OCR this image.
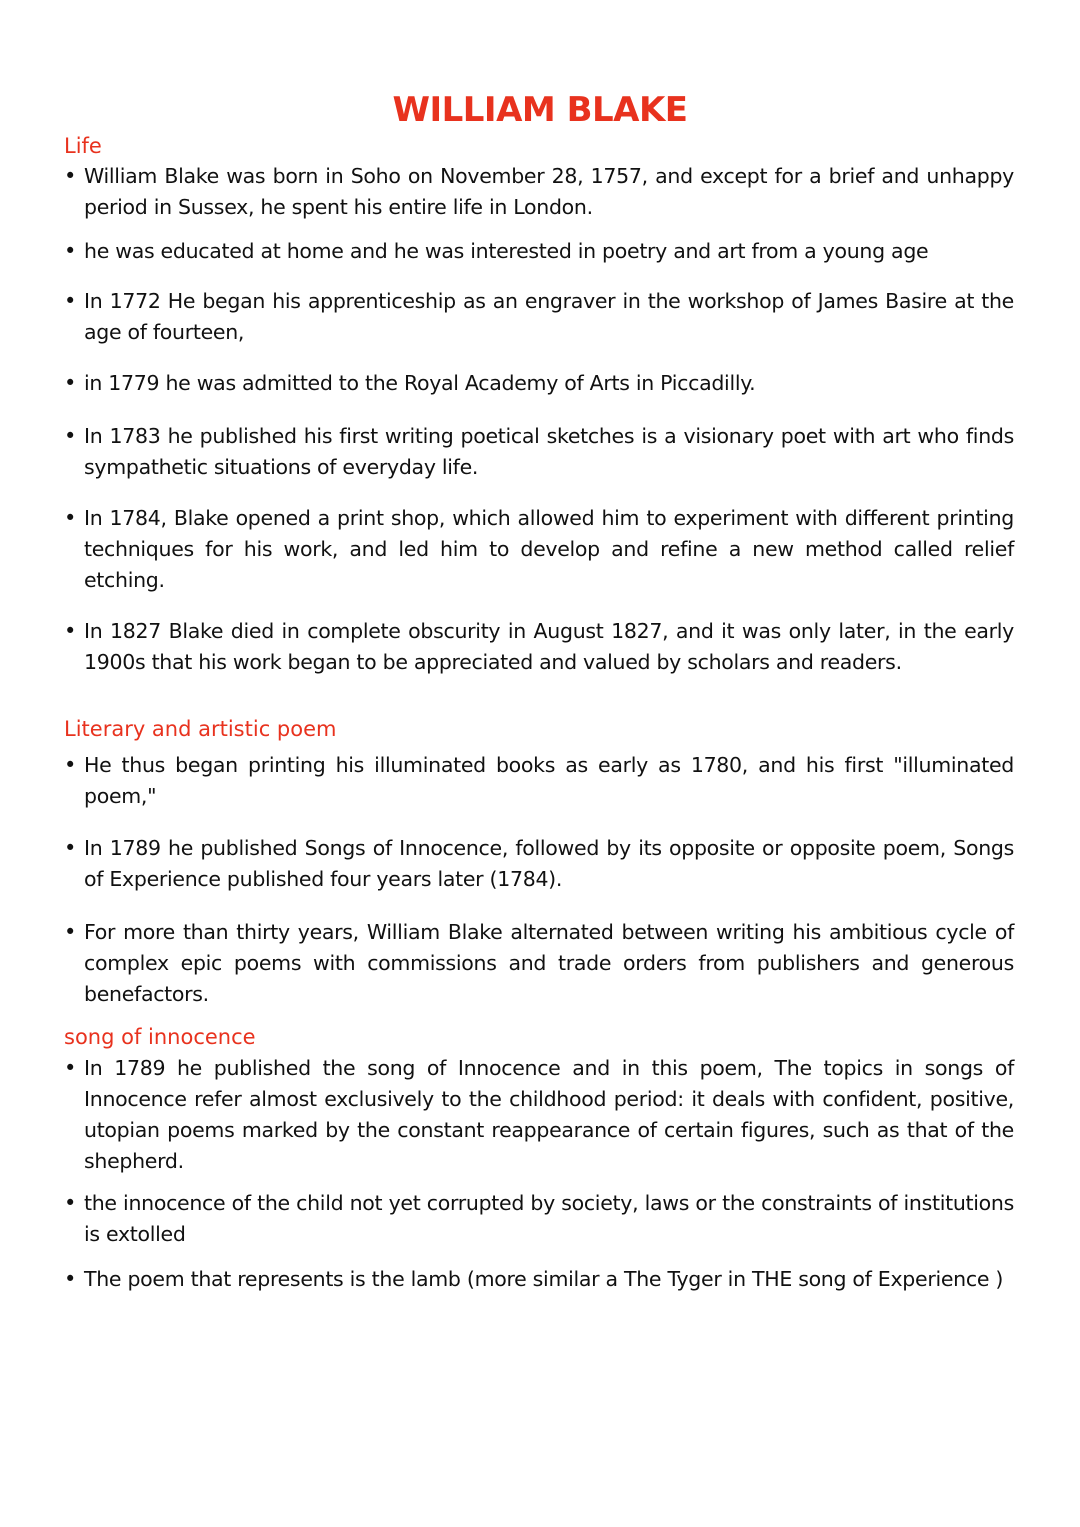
WILLIAM BLAKE
Life
• William Blake was born in Soho on November 28, 1757, and except for a brief and unhappy period in Sussex, he spent his entire life in London.
• he was educated at home and he was interested in poetry and art from a young age
• In 1772 He began his apprenticeship as an engraver in the workshop of James Basire at the age of fourteen,
• in 1779 he was admitted to the Royal Academy of Arts in Piccadilly.
• In 1783 he published his first writing poetical sketches is a visionary poet with art who finds sympathetic situations of everyday life.
• In 1784, Blake opened a print shop, which allowed him to experiment with different printing techniques for his work, and led him to develop and refine a new method called relief etching.
• In 1827 Blake died in complete obscurity in August 1827, and it was only later, in the early 1900s that his work began to be appreciated and valued by scholars and readers.
Literary and artistic poem
• He thus began printing his illuminated books as early as 1780, and his first "illuminated poem,"
• In 1789 he published Songs of Innocence, followed by its opposite or opposite poem, Songs of Experience published four years later (1784).
• For more than thirty years, William Blake alternated between writing his ambitious cycle of complex epic poems with commissions and trade orders from publishers and generous benefactors.
song of innocence
• In 1789 he published the song of Innocence and in this poem, The topics in songs of Innocence refer almost exclusively to the childhood period: it deals with confident, positive, utopian poems marked by the constant reappearance of certain figures, such as that of the shepherd.
• the innocence of the child not yet corrupted by society, laws or the constraints of institutions is extolled
• The poem that represents is the lamb (more similar a The Tyger in THE song of Experience )
